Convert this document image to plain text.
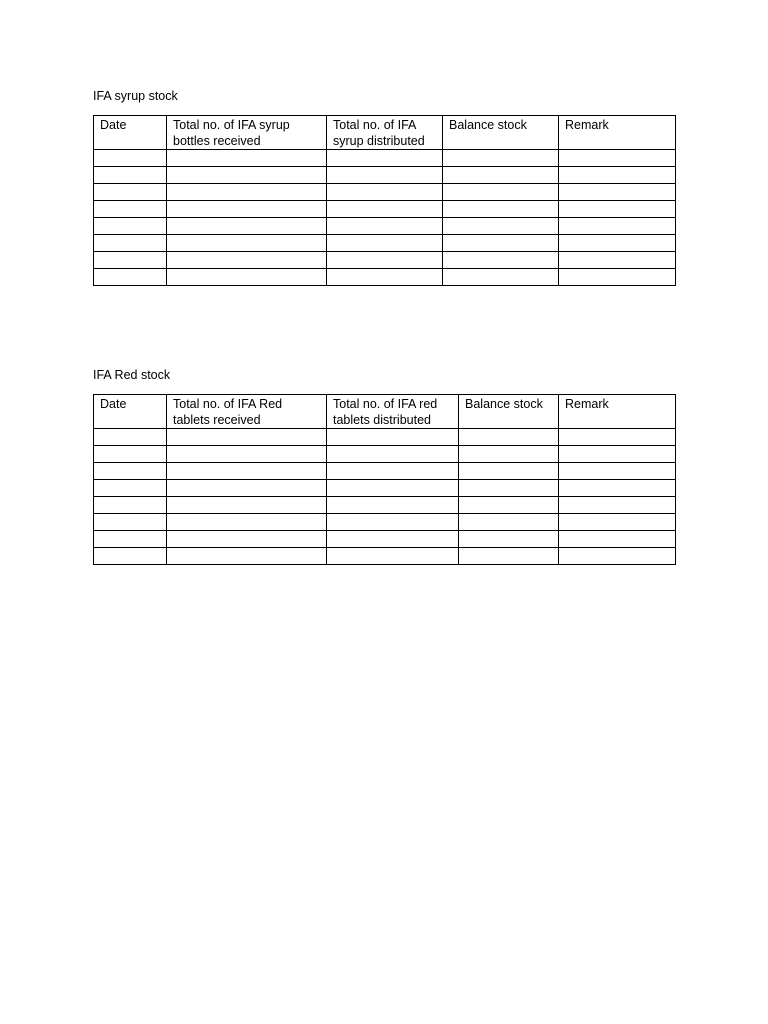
IFA syrup stock
Date	Total no. of IFA syrup bottles received	Total no. of IFA syrup distributed	Balance stock	Remark

IFA Red stock
Date	Total no. of IFA Red tablets received	Total no. of IFA red tablets distributed	Balance stock	Remark
